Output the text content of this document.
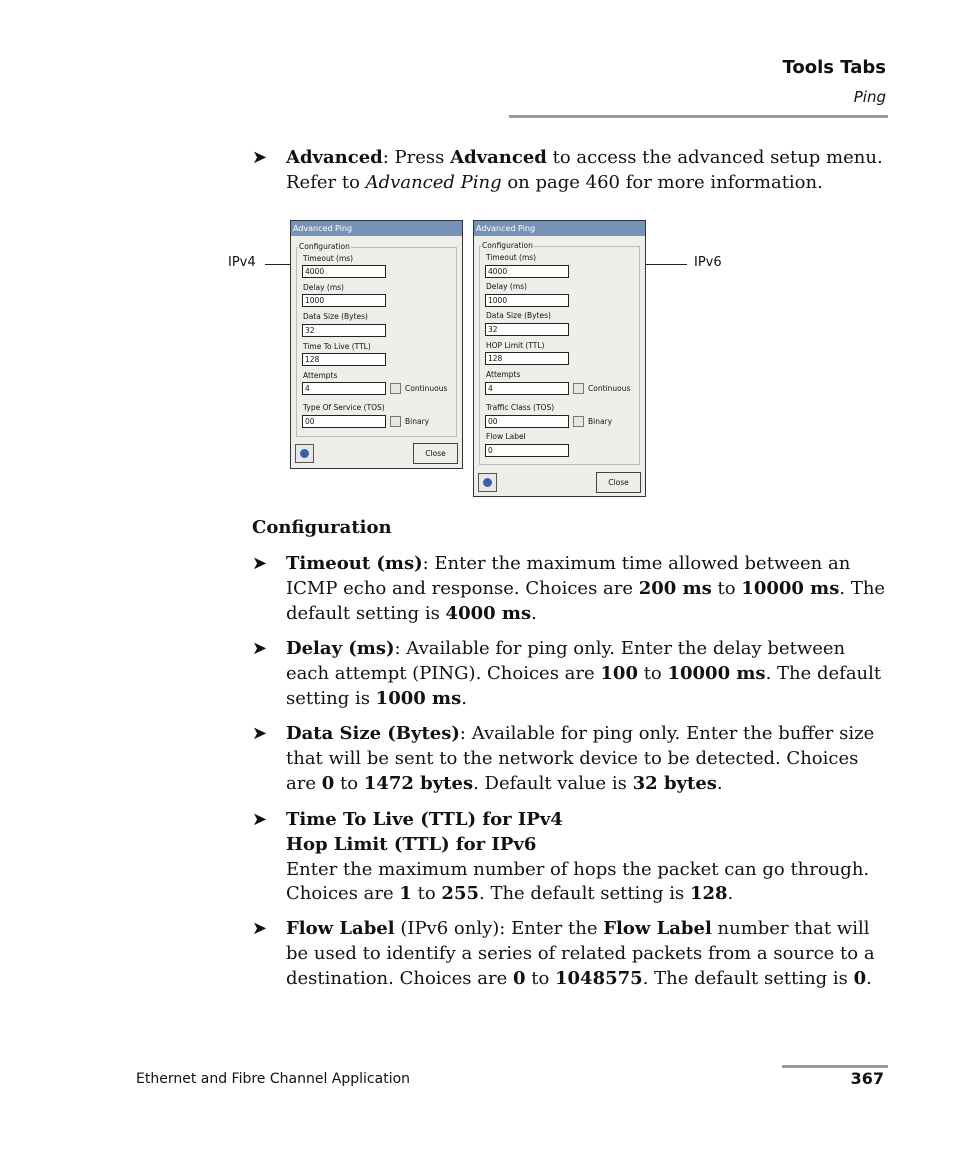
Tools Tabs
Ping
➤ Advanced: Press Advanced to access the advanced setup menu. Refer to Advanced Ping on page 460 for more information.
IPv4	IPv6
Advanced Ping
Configuration
Timeout (ms)
4000
Delay (ms)
1000
Data Size (Bytes)
32
Time To Live (TTL)
128
Attempts
4	Continuous
Type Of Service (TOS)
00	Binary
Close
Advanced Ping
Configuration
Timeout (ms)
4000
Delay (ms)
1000
Data Size (Bytes)
32
HOP Limit (TTL)
128
Attempts
4	Continuous
Traffic Class (TOS)
00	Binary
Flow Label
0
Close
Configuration
➤ Timeout (ms): Enter the maximum time allowed between an ICMP echo and response. Choices are 200 ms to 10000 ms. The default setting is 4000 ms.
➤ Delay (ms): Available for ping only. Enter the delay between each attempt (PING). Choices are 100 to 10000 ms. The default setting is 1000 ms.
➤ Data Size (Bytes): Available for ping only. Enter the buffer size that will be sent to the network device to be detected. Choices are 0 to 1472 bytes. Default value is 32 bytes.
➤ Time To Live (TTL) for IPv4
Hop Limit (TTL) for IPv6
Enter the maximum number of hops the packet can go through. Choices are 1 to 255. The default setting is 128.
➤ Flow Label (IPv6 only): Enter the Flow Label number that will be used to identify a series of related packets from a source to a destination. Choices are 0 to 1048575. The default setting is 0.
Ethernet and Fibre Channel Application	367
